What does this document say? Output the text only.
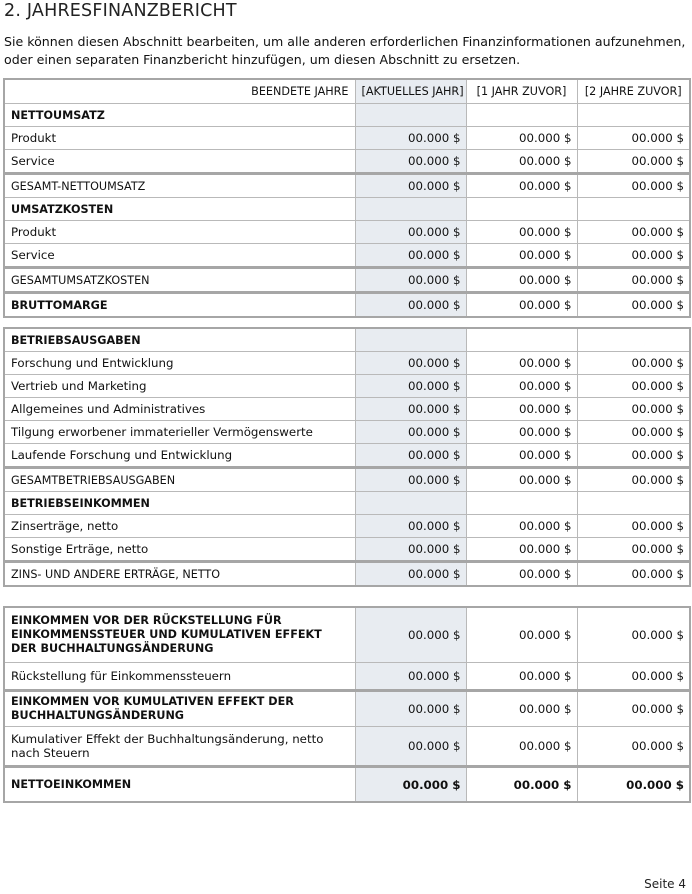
2. JAHRESFINANZBERICHT

Sie können diesen Abschnitt bearbeiten, um alle anderen erforderlichen Finanzinformationen aufzunehmen, oder einen separaten Finanzbericht hinzufügen, um diesen Abschnitt zu ersetzen.

BEENDETE JAHRE	[AKTUELLES JAHR]	[1 JAHR ZUVOR]	[2 JAHRE ZUVOR]
NETTOUMSATZ			
Produkt	00.000 $	00.000 $	00.000 $
Service	00.000 $	00.000 $	00.000 $
GESAMT-NETTOUMSATZ	00.000 $	00.000 $	00.000 $
UMSATZKOSTEN			
Produkt	00.000 $	00.000 $	00.000 $
Service	00.000 $	00.000 $	00.000 $
GESAMTUMSATZKOSTEN	00.000 $	00.000 $	00.000 $
BRUTTOMARGE	00.000 $	00.000 $	00.000 $
BETRIEBSAUSGABEN			
Forschung und Entwicklung	00.000 $	00.000 $	00.000 $
Vertrieb und Marketing	00.000 $	00.000 $	00.000 $
Allgemeines und Administratives	00.000 $	00.000 $	00.000 $
Tilgung erworbener immaterieller Vermögenswerte	00.000 $	00.000 $	00.000 $
Laufende Forschung und Entwicklung	00.000 $	00.000 $	00.000 $
GESAMTBETRIEBSAUSGABEN	00.000 $	00.000 $	00.000 $
BETRIEBSEINKOMMEN			
Zinserträge, netto	00.000 $	00.000 $	00.000 $
Sonstige Erträge, netto	00.000 $	00.000 $	00.000 $
ZINS- UND ANDERE ERTRÄGE, NETTO	00.000 $	00.000 $	00.000 $
EINKOMMEN VOR DER RÜCKSTELLUNG FÜR EINKOMMENSSTEUER UND KUMULATIVEN EFFEKT DER BUCHHALTUNGSÄNDERUNG	00.000 $	00.000 $	00.000 $
Rückstellung für Einkommenssteuern	00.000 $	00.000 $	00.000 $
EINKOMMEN VOR KUMULATIVEN EFFEKT DER BUCHHALTUNGSÄNDERUNG	00.000 $	00.000 $	00.000 $
Kumulativer Effekt der Buchhaltungsänderung, netto nach Steuern	00.000 $	00.000 $	00.000 $
NETTOEINKOMMEN	00.000 $	00.000 $	00.000 $
Seite 4
